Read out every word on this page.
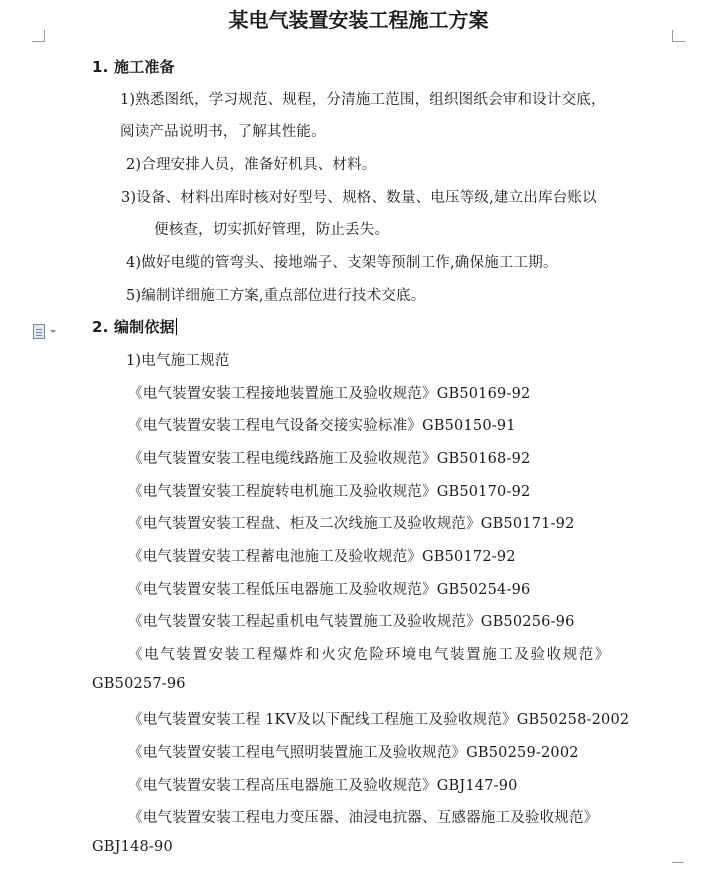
某电气装置安装工程施工方案
1. 施工准备
1)熟悉图纸，学习规范、规程，分清施工范围，组织图纸会审和设计交底，
阅读产品说明书，了解其性能。
2)合理安排人员，准备好机具、材料。
3)设备、材料出库时核对好型号、规格、数量、电压等级,建立出库台账以
便核查，切实抓好管理，防止丢失。
4)做好电缆的管弯头、接地端子、支架等预制工作,确保施工工期。
5)编制详细施工方案,重点部位进行技术交底。
2. 编制依据
1)电气施工规范
《电气装置安装工程接地装置施工及验收规范》GB50169-92
《电气装置安装工程电气设备交接实验标准》GB50150-91
《电气装置安装工程电缆线路施工及验收规范》GB50168-92
《电气装置安装工程旋转电机施工及验收规范》GB50170-92
《电气装置安装工程盘、柜及二次线施工及验收规范》GB50171-92
《电气装置安装工程蓄电池施工及验收规范》GB50172-92
《电气装置安装工程低压电器施工及验收规范》GB50254-96
《电气装置安装工程起重机电气装置施工及验收规范》GB50256-96
《电气装置安装工程爆炸和火灾危险环境电气装置施工及验收规范》
GB50257-96
《电气装置安装工程 1KV及以下配线工程施工及验收规范》GB50258-2002
《电气装置安装工程电气照明装置施工及验收规范》GB50259-2002
《电气装置安装工程高压电器施工及验收规范》GBJ147-90
《电气装置安装工程电力变压器、油浸电抗器、互感器施工及验收规范》
GBJ148-90
